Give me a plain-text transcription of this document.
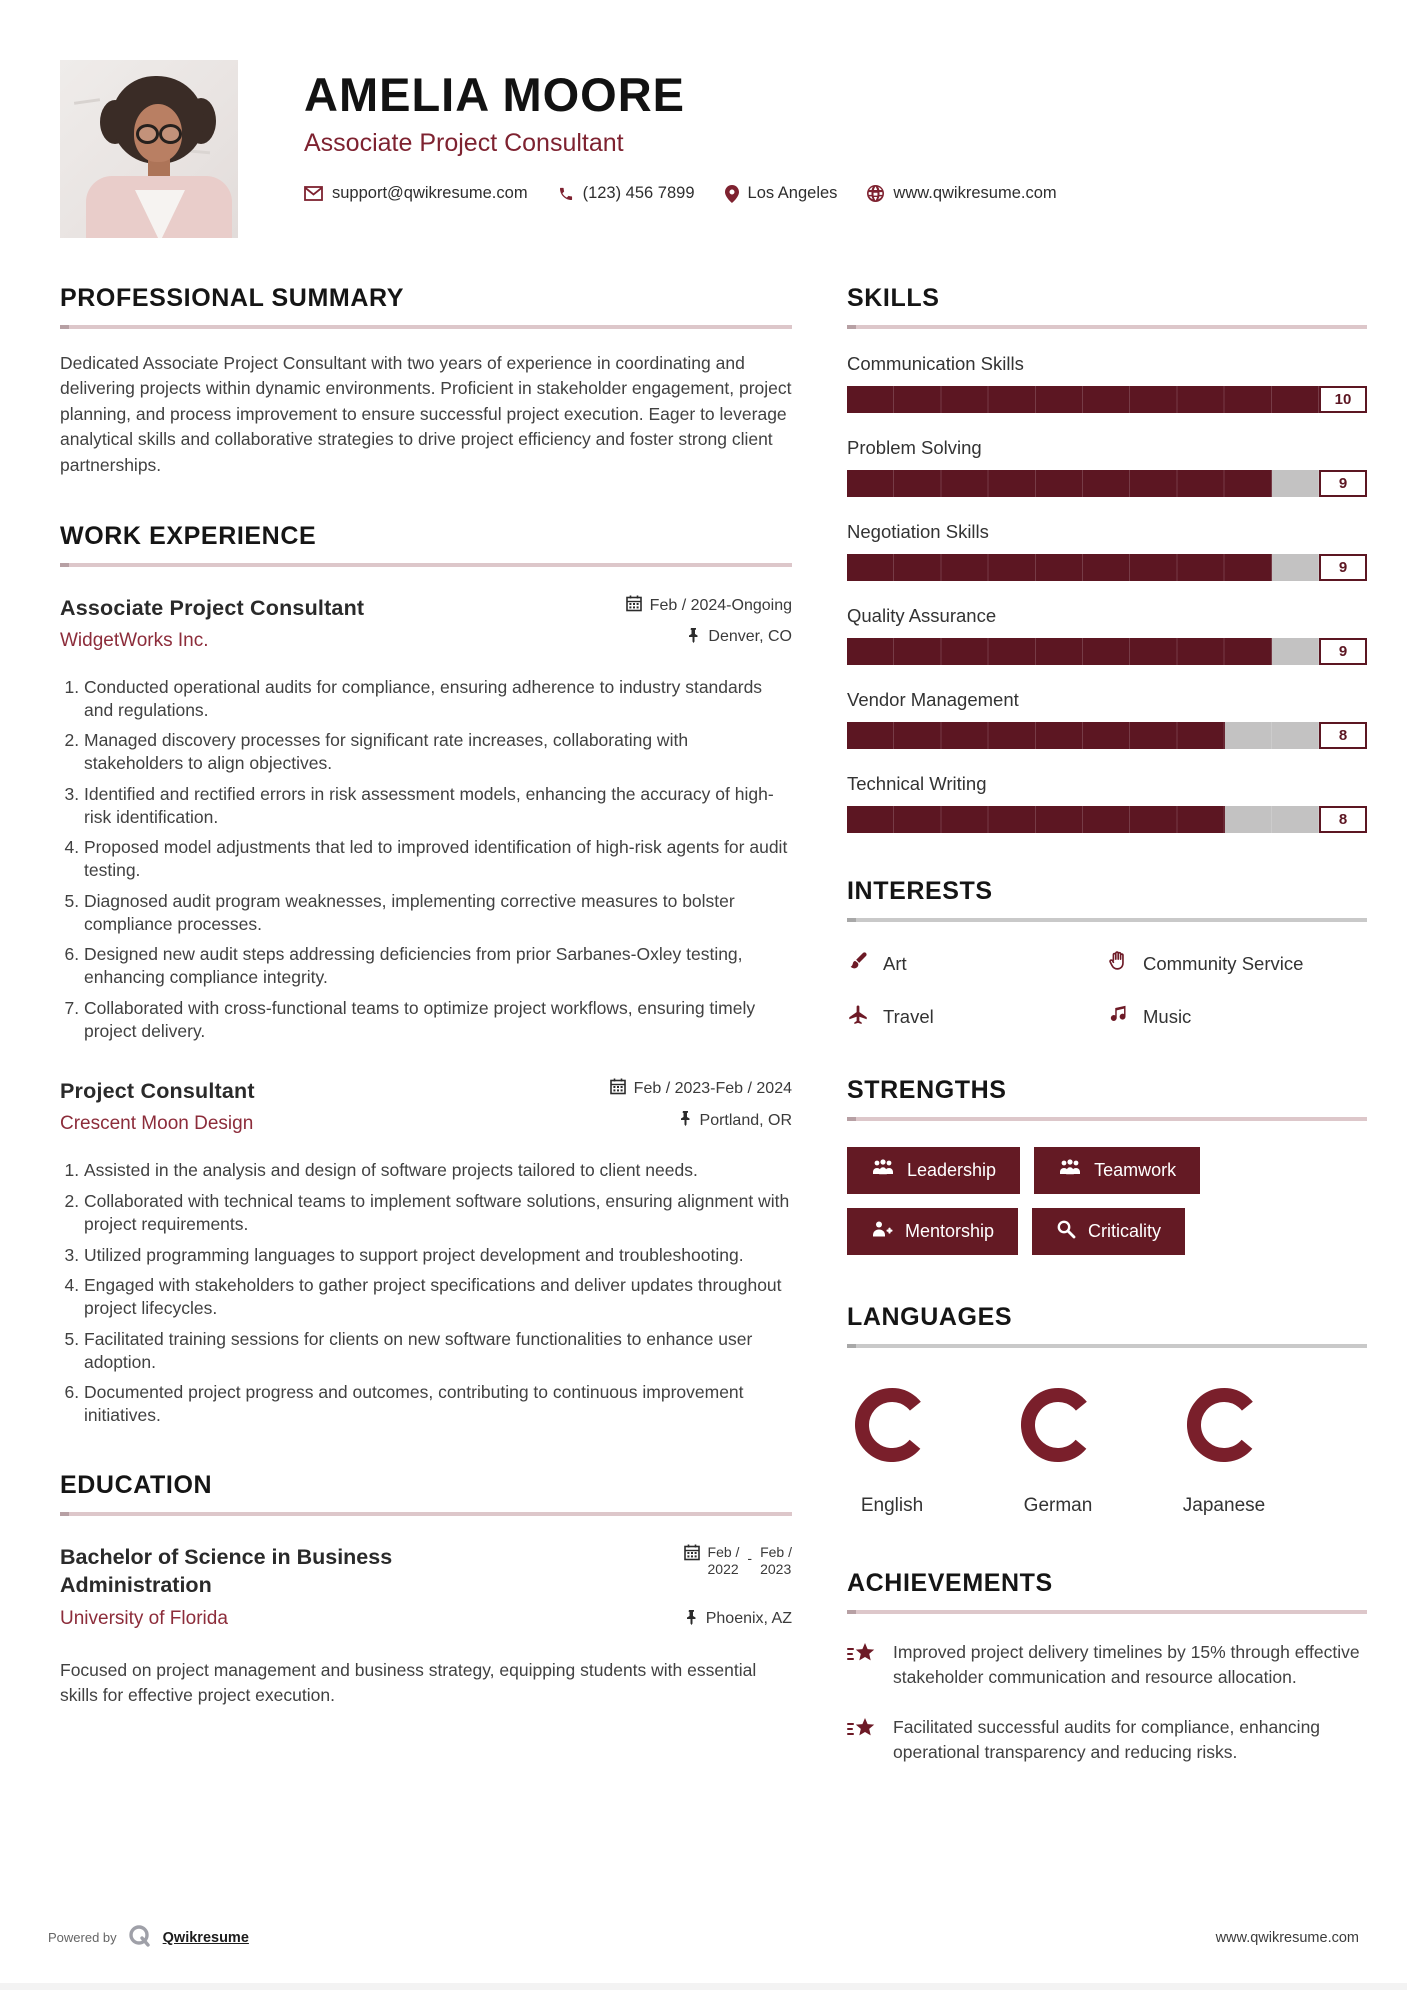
AMELIA MOORE
Associate Project Consultant
support@qwikresume.com	(123) 456 7899	Los Angeles	www.qwikresume.com
PROFESSIONAL SUMMARY
Dedicated Associate Project Consultant with two years of experience in coordinating and delivering projects within dynamic environments. Proficient in stakeholder engagement, project planning, and process improvement to ensure successful project execution. Eager to leverage analytical skills and collaborative strategies to drive project efficiency and foster strong client partnerships.
WORK EXPERIENCE
Associate Project Consultant
WidgetWorks Inc.
Feb / 2024-Ongoing
Denver, CO
1. Conducted operational audits for compliance, ensuring adherence to industry standards and regulations.
2. Managed discovery processes for significant rate increases, collaborating with stakeholders to align objectives.
3. Identified and rectified errors in risk assessment models, enhancing the accuracy of high-risk identification.
4. Proposed model adjustments that led to improved identification of high-risk agents for audit testing.
5. Diagnosed audit program weaknesses, implementing corrective measures to bolster compliance processes.
6. Designed new audit steps addressing deficiencies from prior Sarbanes-Oxley testing, enhancing compliance integrity.
7. Collaborated with cross-functional teams to optimize project workflows, ensuring timely project delivery.
Project Consultant
Crescent Moon Design
Feb / 2023-Feb / 2024
Portland, OR
1. Assisted in the analysis and design of software projects tailored to client needs.
2. Collaborated with technical teams to implement software solutions, ensuring alignment with project requirements.
3. Utilized programming languages to support project development and troubleshooting.
4. Engaged with stakeholders to gather project specifications and deliver updates throughout project lifecycles.
5. Facilitated training sessions for clients on new software functionalities to enhance user adoption.
6. Documented project progress and outcomes, contributing to continuous improvement initiatives.
EDUCATION
Bachelor of Science in Business Administration
University of Florida
Feb /
2022
- Feb /
2023
Phoenix, AZ
Focused on project management and business strategy, equipping students with essential skills for effective project execution.
SKILLS
Communication Skills
10
Problem Solving
9
Negotiation Skills
9
Quality Assurance
9
Vendor Management
8
Technical Writing
8
INTERESTS
Art	Community Service
Travel	Music
STRENGTHS
Leadership	Teamwork
Mentorship	Criticality
LANGUAGES
English	German	Japanese
ACHIEVEMENTS
Improved project delivery timelines by 15% through effective stakeholder communication and resource allocation.
Facilitated successful audits for compliance, enhancing operational transparency and reducing risks.
Powered by	Qwikresume	www.qwikresume.com
